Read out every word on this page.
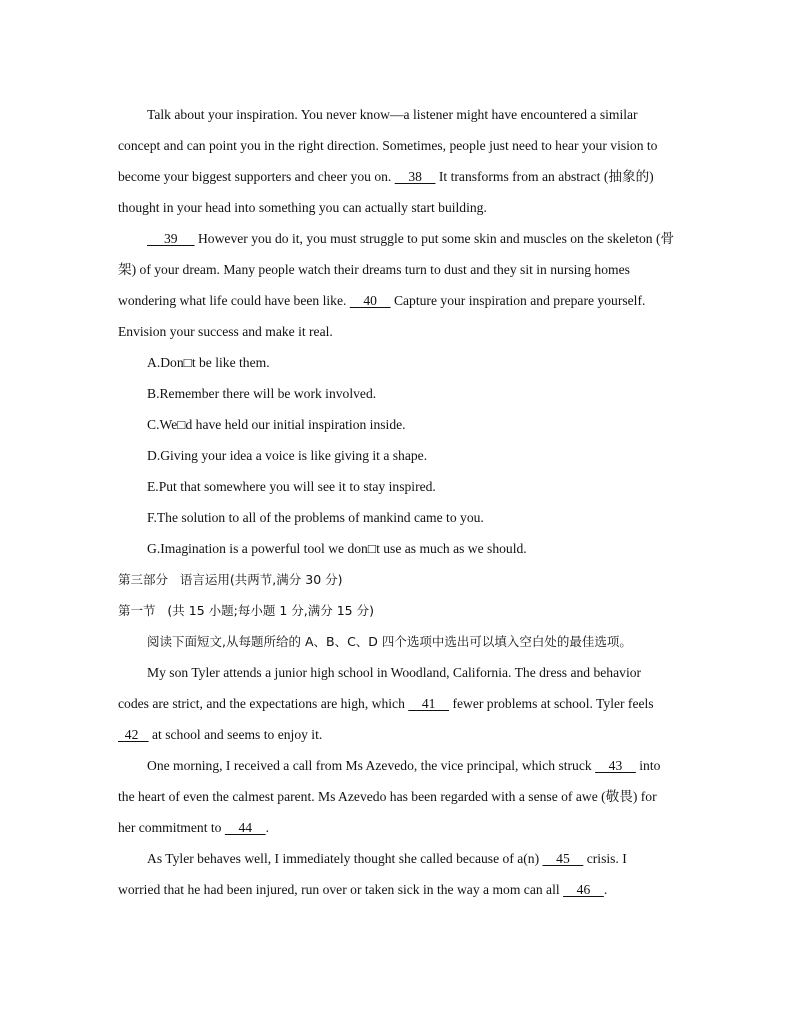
Talk about your inspiration. You never know—a listener might have encountered a similar
concept and can point you in the right direction. Sometimes, people just need to hear your vision to
become your biggest supporters and cheer you on.     38     It transforms from an abstract (抽象的)
thought in your head into something you can actually start building.
39      However you do it, you must struggle to put some skin and muscles on the skeleton (骨
架) of your dream. Many people watch their dreams turn to dust and they sit in nursing homes
wondering what life could have been like.     40     Capture your inspiration and prepare yourself.
Envision your success and make it real.
A.Don□t be like them.
B.Remember there will be work involved.
C.We□d have held our initial inspiration inside.
D.Giving your idea a voice is like giving it a shape.
E.Put that somewhere you will see it to stay inspired.
F.The solution to all of the problems of mankind came to you.
G.Imagination is a powerful tool we don□t use as much as we should.
第三部分   语言运用(共两节,满分 30 分)
第一节   (共 15 小题;每小题 1 分,满分 15 分)
阅读下面短文,从每题所给的 A、B、C、D 四个选项中选出可以填入空白处的最佳选项。
My son Tyler attends a junior high school in Woodland, California. The dress and behavior
codes are strict, and the expectations are high, which     41     fewer problems at school. Tyler feels
42    at school and seems to enjoy it.
One morning, I received a call from Ms Azevedo, the vice principal, which struck     43     into
the heart of even the calmest parent. Ms Azevedo has been regarded with a sense of awe (敬畏) for
her commitment to     44    .
As Tyler behaves well, I immediately thought she called because of a(n)     45     crisis. I
worried that he had been injured, run over or taken sick in the way a mom can all     46    .
